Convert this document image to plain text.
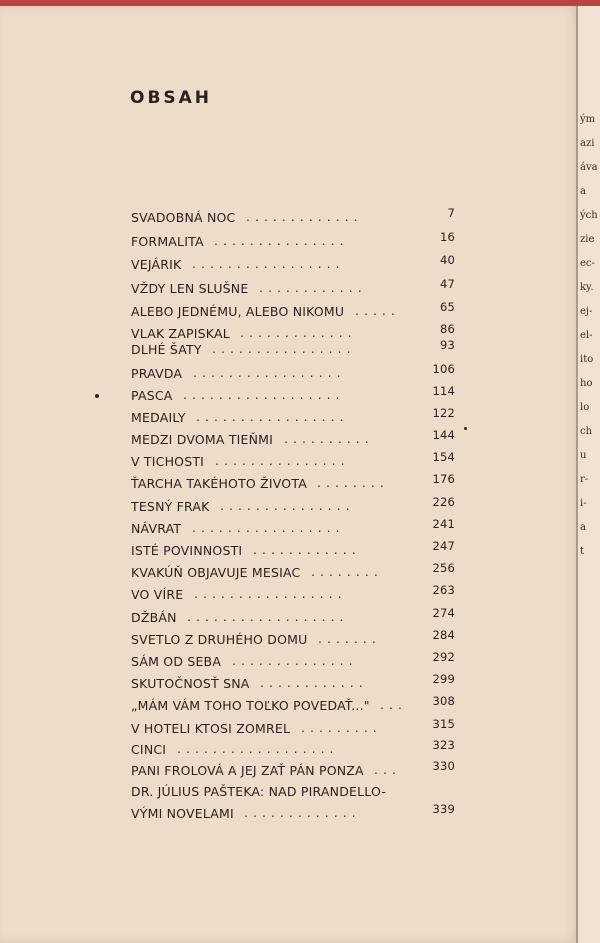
OBSAH
SVADOBNÁ NOC .............	7
FORMALITA ...............	16
VEJÁRIK .................	40
VŽDY LEN SLUŠNE ............	47
ALEBO JEDNÉMU, ALEBO NIKOMU .....	65
VLAK ZAPISKAL .............	86
DLHÉ ŠATY ................	93
PRAVDA .................	106
PASCA ..................	114
MEDAILY .................	122
MEDZI DVOMA TIEŇMI ..........	144
V TICHOSTI ...............	154
ŤARCHA TAKÉHOTO ŽIVOTA ........	176
TESNÝ FRAK ...............	226
NÁVRAT .................	241
ISTÉ POVINNOSTI ............	247
KVAKÚŇ OBJAVUJE MESIAC ........	256
VO VÍRE .................	263
DŽBÁN ..................	274
SVETLO Z DRUHÉHO DOMU .......	284
SÁM OD SEBA ..............	292
SKUTOČNOSŤ SNA ............	299
„MÁM VÁM TOHO TOĽKO POVEDAŤ..." ... 308
V HOTELI KTOSI ZOMREL .........	315
CINCI ..................	323
PANI FROLOVÁ A JEJ ZAŤ PÁN PONZA ...	330
DR. JÚLIUS PAŠTEKA: NAD PIRANDELLO-
VÝMI NOVELAMI .............	339
ým
azi
áva
a
ých
zie
ec-
ky.
ej-
el-
ito
ho
lo
ch
u
r-
i-
a
t
